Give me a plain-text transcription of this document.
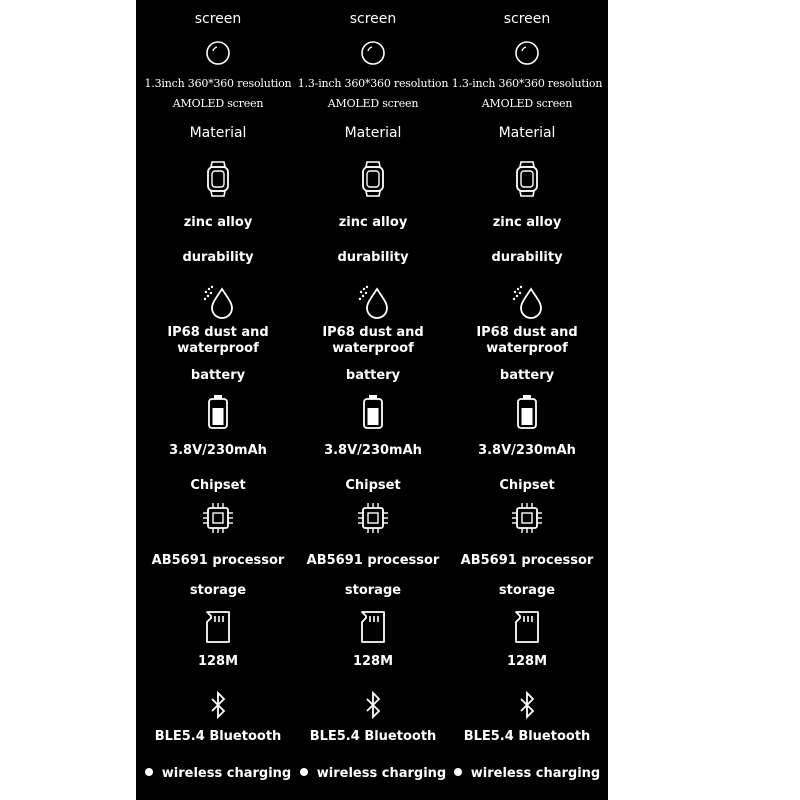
screen
1.3inch 360*360 resolution
AMOLED screen
Material
zinc alloy
durability
IP68 dust and
waterproof
battery
3.8V/230mAh
Chipset
AB5691 processor
storage
128M
BLE5.4 Bluetooth
wireless charging
screen
1.3-inch 360*360 resolution
AMOLED screen
Material
zinc alloy
durability
IP68 dust and
waterproof
battery
3.8V/230mAh
Chipset
AB5691 processor
storage
128M
BLE5.4 Bluetooth
wireless charging
screen
1.3-inch 360*360 resolution
AMOLED screen
Material
zinc alloy
durability
IP68 dust and
waterproof
battery
3.8V/230mAh
Chipset
AB5691 processor
storage
128M
BLE5.4 Bluetooth
wireless charging
